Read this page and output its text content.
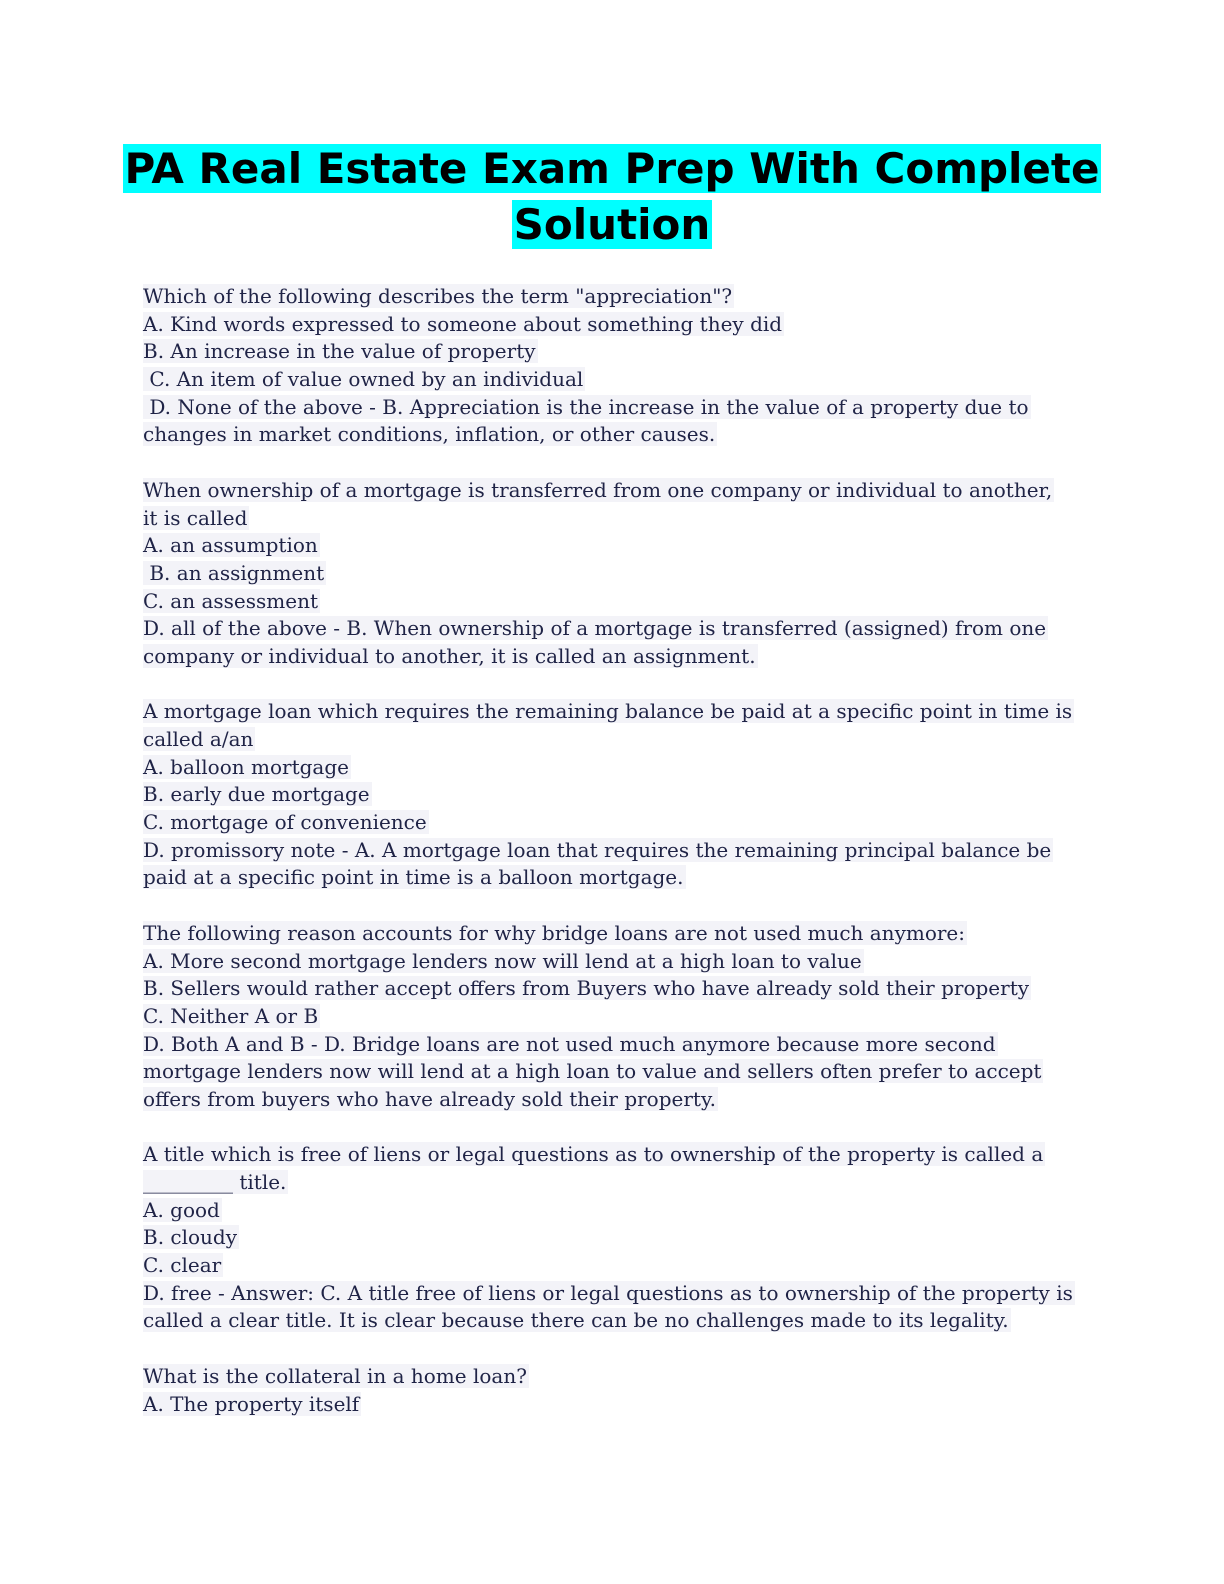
PA Real Estate Exam Prep With Complete
Solution
Which of the following describes the term "appreciation"?
A. Kind words expressed to someone about something they did
B. An increase in the value of property
C. An item of value owned by an individual
D. None of the above - B. Appreciation is the increase in the value of a property due to
changes in market conditions, inflation, or other causes.
When ownership of a mortgage is transferred from one company or individual to another,
it is called
A. an assumption
B. an assignment
C. an assessment
D. all of the above - B. When ownership of a mortgage is transferred (assigned) from one
company or individual to another, it is called an assignment.
A mortgage loan which requires the remaining balance be paid at a specific point in time is
called a/an
A. balloon mortgage
B. early due mortgage
C. mortgage of convenience
D. promissory note - A. A mortgage loan that requires the remaining principal balance be
paid at a specific point in time is a balloon mortgage.
The following reason accounts for why bridge loans are not used much anymore:
A. More second mortgage lenders now will lend at a high loan to value
B. Sellers would rather accept offers from Buyers who have already sold their property
C. Neither A or B
D. Both A and B - D. Bridge loans are not used much anymore because more second
mortgage lenders now will lend at a high loan to value and sellers often prefer to accept
offers from buyers who have already sold their property.
A title which is free of liens or legal questions as to ownership of the property is called a
_________ title.
A. good
B. cloudy
C. clear
D. free - Answer: C. A title free of liens or legal questions as to ownership of the property is
called a clear title. It is clear because there can be no challenges made to its legality.
What is the collateral in a home loan?
A. The property itself
